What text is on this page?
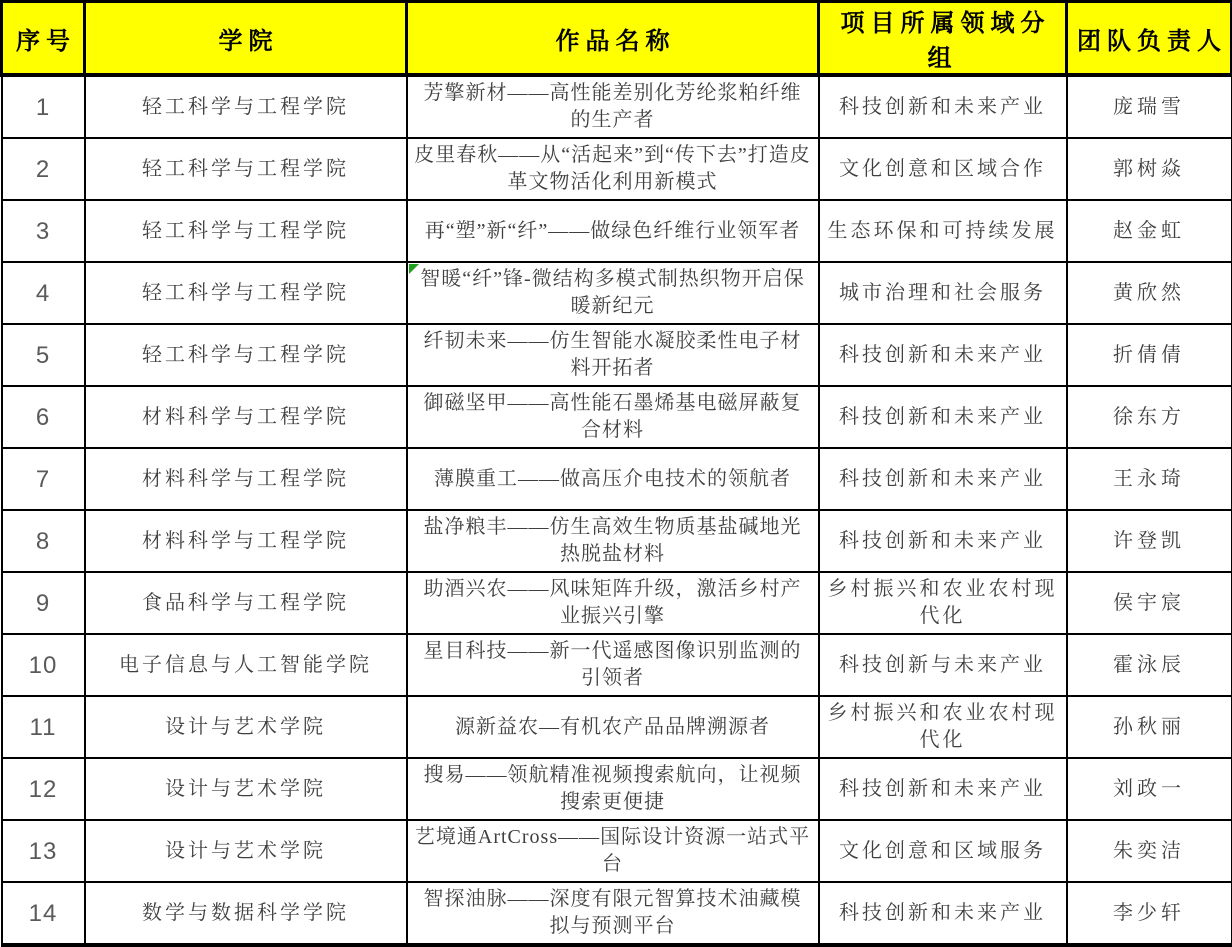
序号	学院	作品名称	项目所属领域分组	团队负责人
1	轻工科学与工程学院	芳擎新材——高性能差别化芳纶浆粕纤维的生产者	科技创新和未来产业	庞瑞雪
2	轻工科学与工程学院	皮里春秋——从“活起来”到“传下去”打造皮革文物活化利用新模式	文化创意和区域合作	郭树焱
3	轻工科学与工程学院	再“塑”新“纤”——做绿色纤维行业领军者	生态环保和可持续发展	赵金虹
4	轻工科学与工程学院	智暖“纤”锋-微结构多模式制热织物开启保暖新纪元	城市治理和社会服务	黄欣然
5	轻工科学与工程学院	纤韧未来——仿生智能水凝胶柔性电子材料开拓者	科技创新和未来产业	折倩倩
6	材料科学与工程学院	御磁坚甲——高性能石墨烯基电磁屏蔽复合材料	科技创新和未来产业	徐东方
7	材料科学与工程学院	薄膜重工——做高压介电技术的领航者	科技创新和未来产业	王永琦
8	材料科学与工程学院	盐净粮丰——仿生高效生物质基盐碱地光热脱盐材料	科技创新和未来产业	许登凯
9	食品科学与工程学院	助酒兴农——风味矩阵升级，激活乡村产业振兴引擎	乡村振兴和农业农村现代化	侯宇宸
10	电子信息与人工智能学院	星目科技——新一代遥感图像识别监测的引领者	科技创新与未来产业	霍泳辰
11	设计与艺术学院	源新益农—有机农产品品牌溯源者	乡村振兴和农业农村现代化	孙秋丽
12	设计与艺术学院	搜易——领航精准视频搜索航向，让视频搜索更便捷	科技创新和未来产业	刘政一
13	设计与艺术学院	艺境通ArtCross——国际设计资源一站式平台	文化创意和区域服务	朱奕洁
14	数学与数据科学学院	智探油脉——深度有限元智算技术油藏模拟与预测平台	科技创新和未来产业	李少轩
